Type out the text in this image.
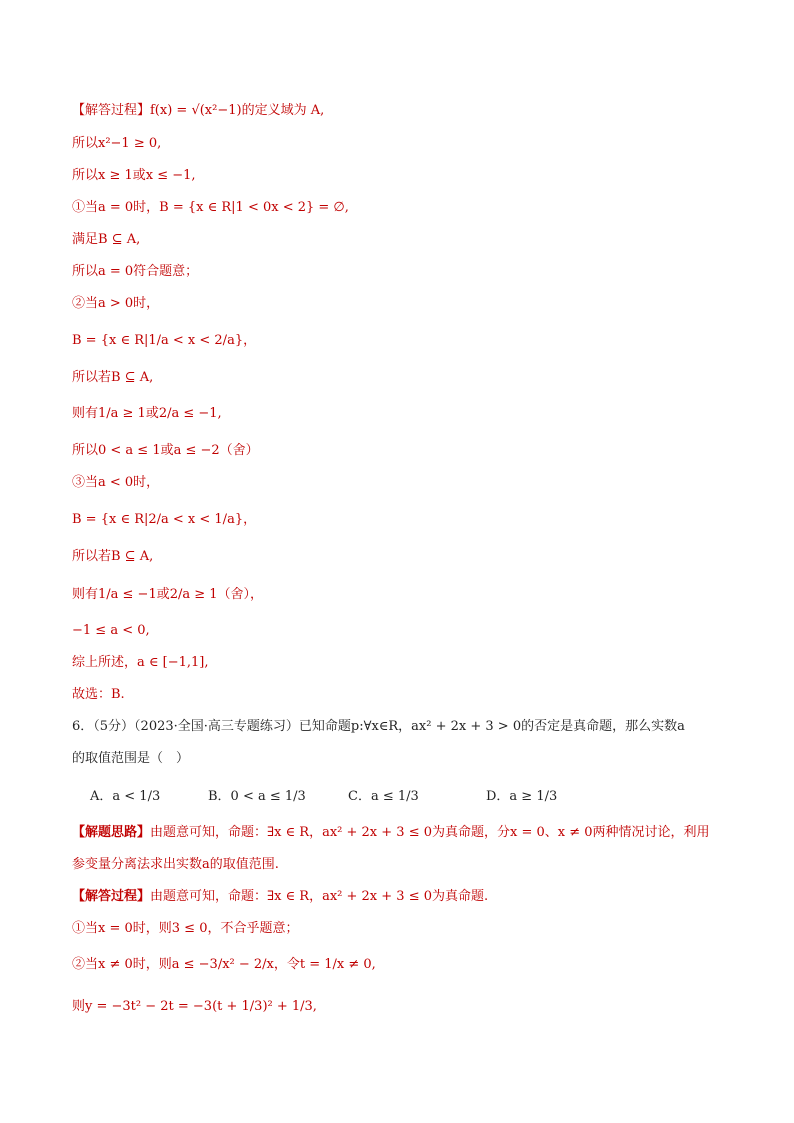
【解答过程】f(x) = √(x²−1)的定义域为 A,
所以x²−1 ≥ 0,
所以x ≥ 1或x ≤ −1,
①当a = 0时，B = {x ∈ R|1 < 0x < 2} = ∅,
满足B ⊆ A,
所以a = 0符合题意；
②当a > 0时，
B = {x ∈ R|1/a < x < 2/a}，
所以若B ⊆ A,
则有1/a ≥ 1或2/a ≤ −1,
所以0 < a ≤ 1或a ≤ −2（舍）
③当a < 0时，
B = {x ∈ R|2/a < x < 1/a}，
所以若B ⊆ A,
则有1/a ≤ −1或2/a ≥ 1（舍），
−1 ≤ a < 0,
综上所述，a ∈ [−1,1],
故选：B.
6．（5分）（2023·全国·高三专题练习）已知命题p:∀x∈R，ax² + 2x + 3 > 0的否定是真命题，那么实数a
的取值范围是（　）
A．a < 1/3	B．0 < a ≤ 1/3	C．a ≤ 1/3	D．a ≥ 1/3
【解题思路】由题意可知，命题：∃x ∈ R，ax² + 2x + 3 ≤ 0为真命题，分x = 0、x ≠ 0两种情况讨论，利用
参变量分离法求出实数a的取值范围.
【解答过程】由题意可知，命题：∃x ∈ R，ax² + 2x + 3 ≤ 0为真命题.
①当x = 0时，则3 ≤ 0，不合乎题意；
②当x ≠ 0时，则a ≤ −3/x² − 2/x，令t = 1/x ≠ 0,
则y = −3t² − 2t = −3(t + 1/3)² + 1/3,
